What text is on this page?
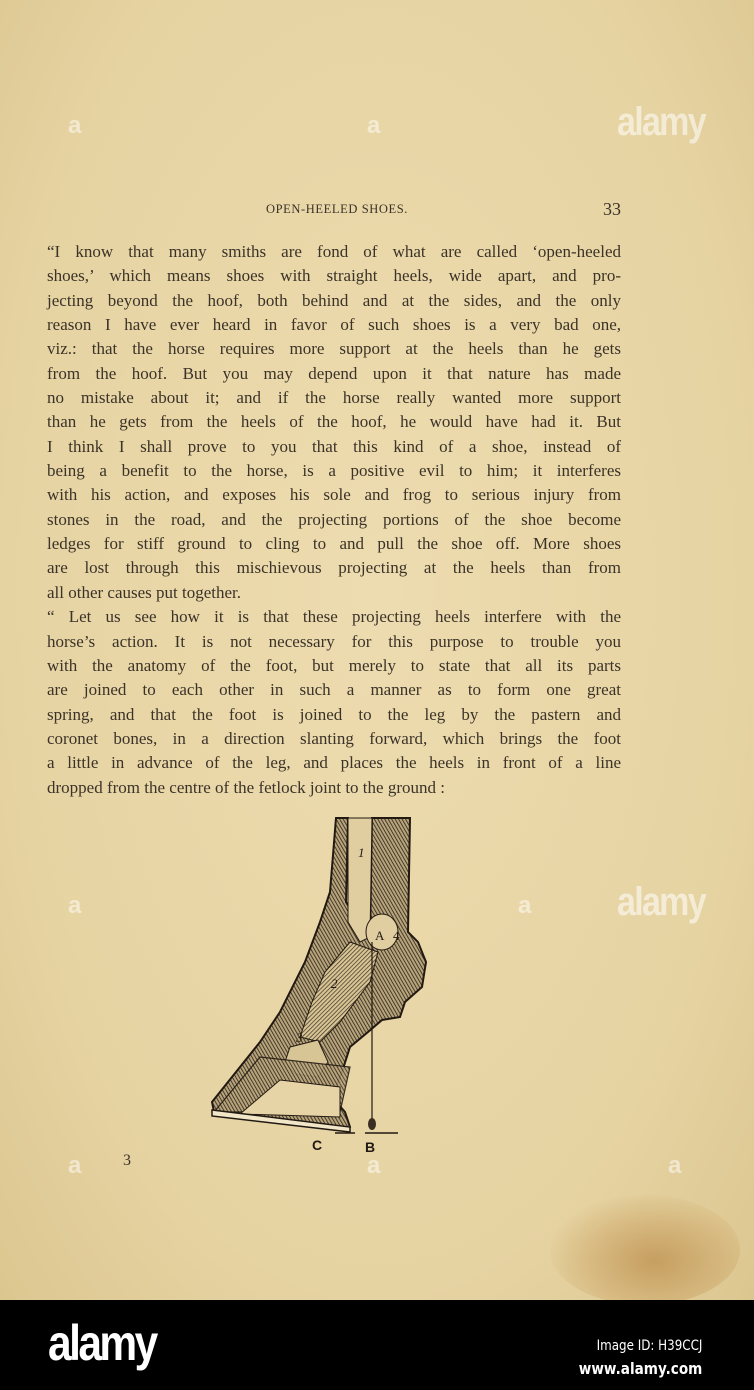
OPEN-HEELED SHOES.	33
“I know that many smiths are fond of what are called ‘open-heeled
shoes,’ which means shoes with straight heels, wide apart, and pro-
jecting beyond the hoof, both behind and at the sides, and the only
reason I have ever heard in favor of such shoes is a very bad one,
viz.: that the horse requires more support at the heels than he gets
from the hoof. But you may depend upon it that nature has made
no mistake about it; and if the horse really wanted more support
than he gets from the heels of the hoof, he would have had it. But
I think I shall prove to you that this kind of a shoe, instead of
being a benefit to the horse, is a positive evil to him; it interferes
with his action, and exposes his sole and frog to serious injury from
stones in the road, and the projecting portions of the shoe become
ledges for stiff ground to cling to and pull the shoe off. More shoes
are lost through this mischievous projecting at the heels than from
all other causes put together.
“ Let us see how it is that these projecting heels interfere with the
horse’s action. It is not necessary for this purpose to trouble you
with the anatomy of the foot, but merely to state that all its parts
are joined to each other in such a manner as to form one great
spring, and that the foot is joined to the leg by the pastern and
coronet bones, in a direction slanting forward, which brings the foot
a little in advance of the leg, and places the heels in front of a line
dropped from the centre of the fetlock joint to the ground :
1
2
3
4
A
C	B
3
alamy
alamy
a	a
a	a
a	a	a
alamy	Image ID: H39CCJ
www.alamy.com
